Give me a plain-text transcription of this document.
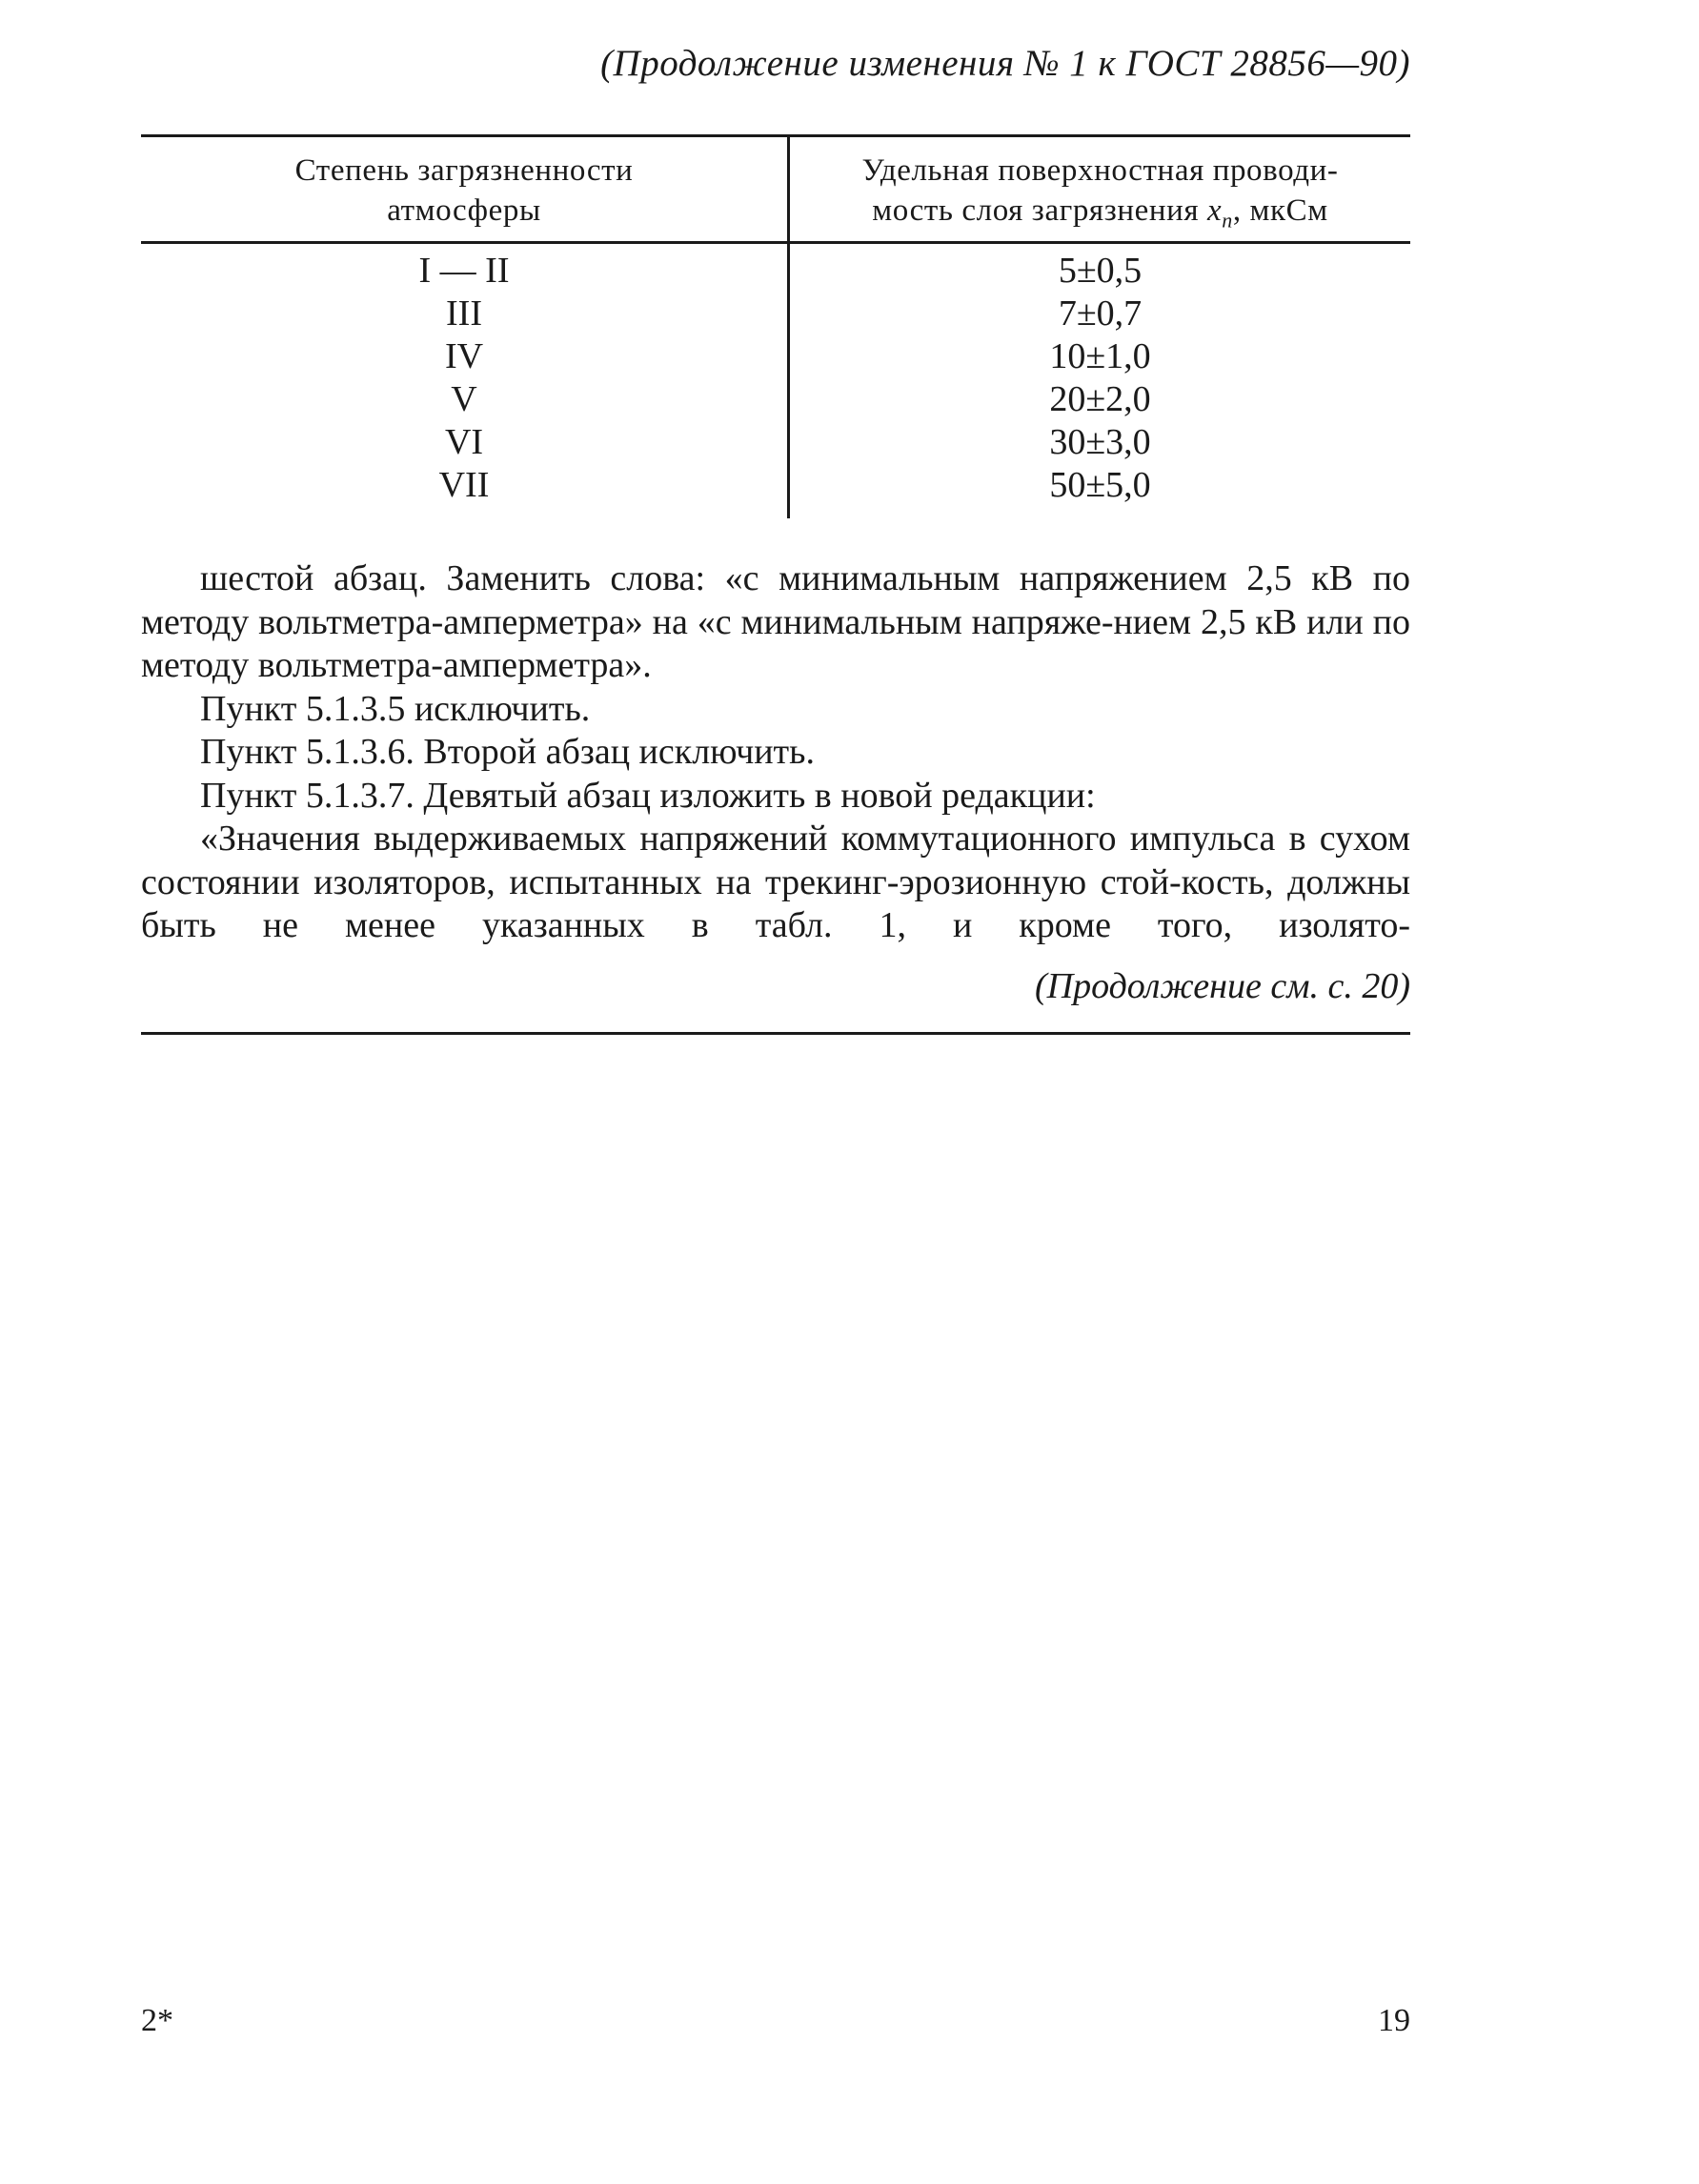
(Продолжение изменения № 1 к ГОСТ 28856—90)
Степень загрязненности
атмосферы
Удельная поверхностная проводи-
мость слоя загрязнения $x_п$, мкСм
I — II
III
IV
V
VI
VII
5±0,5
7±0,7
10±1,0
20±2,0
30±3,0
50±5,0

шестой абзац. Заменить слова: «с минимальным напряжением 2,5 кВ по методу вольтметра-амперметра» на «с минимальным напряже-нием 2,5 кВ или по методу вольтметра-амперметра».

Пункт 5.1.3.5 исключить.

Пункт 5.1.3.6. Второй абзац исключить.

Пункт 5.1.3.7. Девятый абзац изложить в новой редакции:

«Значения выдерживаемых напряжений коммутационного импульса в сухом состоянии изоляторов, испытанных на трекинг-эрозионную стой-кость, должны быть не менее указанных в табл. 1, и кроме того, изолято-

(Продолжение см. с. 20)
2*	19
